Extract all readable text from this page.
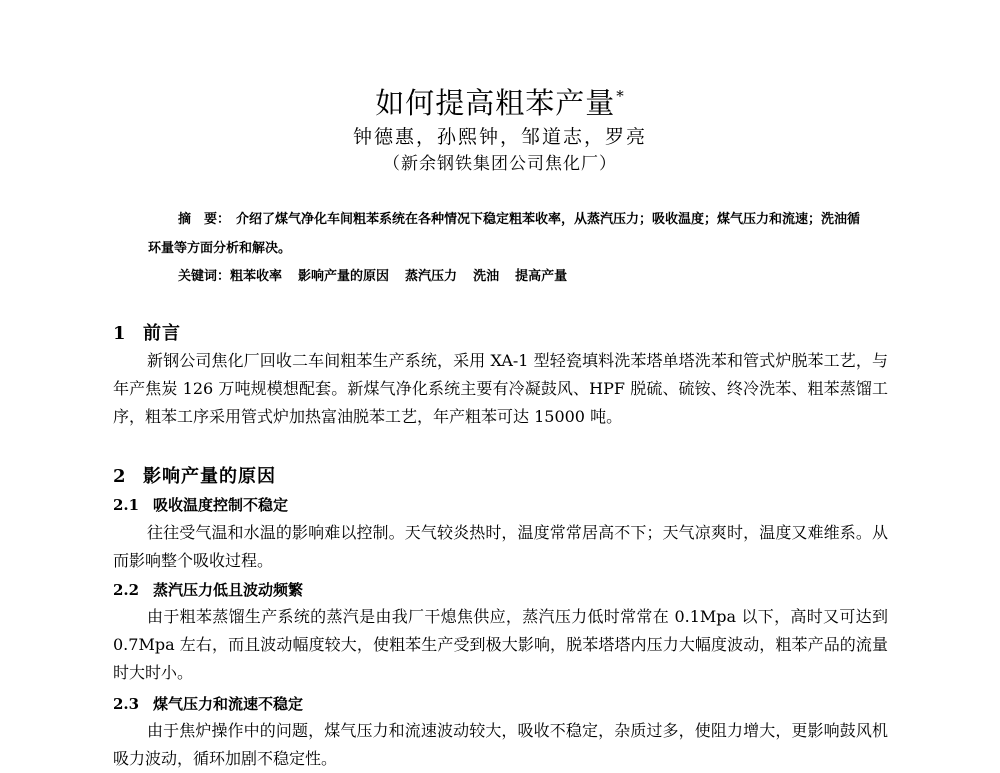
如何提高粗苯产量*
钟德惠，孙熙钟，邹道志，罗亮
（新余钢铁集团公司焦化厂）
摘　要： 介绍了煤气净化车间粗苯系统在各种情况下稳定粗苯收率，从蒸汽压力；吸收温度；煤气压力和流速；洗油循环量等方面分析和解决。
关键词：粗苯收率 影响产量的原因 蒸汽压力 洗油 提高产量
1 前言
新钢公司焦化厂回收二车间粗苯生产系统，采用 XA-1 型轻瓷填料洗苯塔单塔洗苯和管式炉脱苯工艺，与年产焦炭 126 万吨规模想配套。新煤气净化系统主要有冷凝鼓风、HPF 脱硫、硫铵、终冷洗苯、粗苯蒸馏工序，粗苯工序采用管式炉加热富油脱苯工艺，年产粗苯可达 15000 吨。
2 影响产量的原因
2.1 吸收温度控制不稳定
往往受气温和水温的影响难以控制。天气较炎热时，温度常常居高不下；天气凉爽时，温度又难维系。从而影响整个吸收过程。
2.2 蒸汽压力低且波动频繁
由于粗苯蒸馏生产系统的蒸汽是由我厂干熄焦供应，蒸汽压力低时常常在 0.1Mpa 以下，高时又可达到 0.7Mpa 左右，而且波动幅度较大，使粗苯生产受到极大影响，脱苯塔塔内压力大幅度波动，粗苯产品的流量时大时小。
2.3 煤气压力和流速不稳定
由于焦炉操作中的问题，煤气压力和流速波动较大，吸收不稳定，杂质过多，使阻力增大，更影响鼓风机吸力波动，循环加剧不稳定性。
